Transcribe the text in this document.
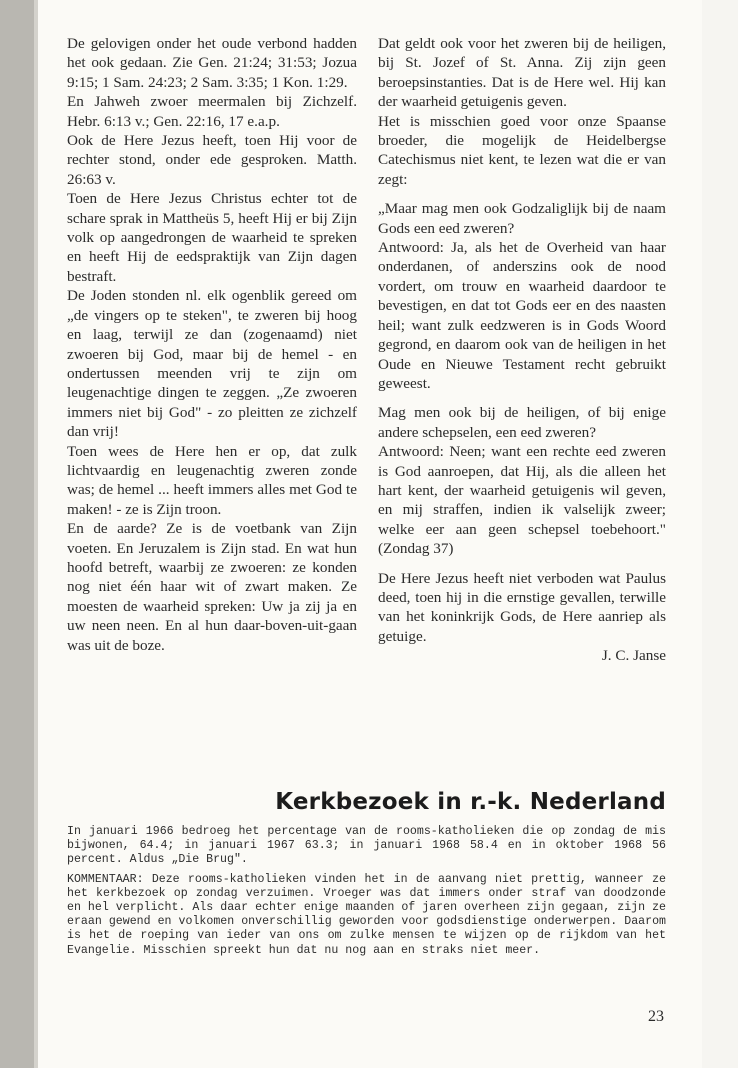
De gelovigen onder het oude verbond hadden het ook gedaan. Zie Gen. 21:24; 31:53; Jozua 9:15; 1 Sam. 24:23; 2 Sam. 3:35; 1 Kon. 1:29.

En Jahweh zwoer meermalen bij Zichzelf. Hebr. 6:13 v.; Gen. 22:16, 17 e.a.p.

Ook de Here Jezus heeft, toen Hij voor de rechter stond, onder ede gesproken. Matth. 26:63 v.

Toen de Here Jezus Christus echter tot de scharе sprak in Mattheüs 5, heeft Hij er bij Zijn volk op aangedrongen de waarheid te spreken en heeft Hij de eedspraktijk van Zijn dagen bestraft.

De Joden stonden nl. elk ogenblik gereed om „de vingers op te steken", te zweren bij hoog en laag, terwijl ze dan (zogenaamd) niet zwoeren bij God, maar bij de hemel - en ondertussen meenden vrij te zijn om leugenachtige dingen te zeggen. „Ze zwoeren immers niet bij God" - zo pleitten ze zichzelf dan vrij!

Toen wees de Here hen er op, dat zulk lichtvaardig en leugenachtig zweren zonde was; de hemel ... heeft immers alles met God te maken! - ze is Zijn troon.

En de aarde? Ze is de voetbank van Zijn voeten. En Jeruzalem is Zijn stad. En wat hun hoofd betreft, waarbij ze zwoeren: ze konden nog niet één haar wit of zwart maken. Ze moesten de waarheid spreken: Uw ja zij ja en uw neen neen. En al hun daar-boven-uit-gaan was uit de boze.

Dat geldt ook voor het zweren bij de heiligen, bij St. Jozef of St. Anna. Zij zijn geen beroepsinstanties. Dat is de Here wel. Hij kan der waarheid getuigenis geven.

Het is misschien goed voor onze Spaanse broeder, die mogelijk de Heidelbergse Catechismus niet kent, te lezen wat die er van zegt:

„Maar mag men ook Godzaliglijk bij de naam Gods een eed zweren?

Antwoord: Ja, als het de Overheid van haar onderdanen, of anderszins ook de nood vordert, om trouw en waarheid daardoor te bevestigen, en dat tot Gods eer en des naasten heil; want zulk eedzweren is in Gods Woord gegrond, en daarom ook van de heiligen in het Oude en Nieuwe Testament recht gebruikt geweest.

Mag men ook bij de heiligen, of bij enige andere schepselen, een eed zweren?

Antwoord: Neen; want een rechte eed zweren is God aanroepen, dat Hij, als die alleen het hart kent, der waarheid getuigenis wil geven, en mij straffen, indien ik valselijk zweer; welke eer aan geen schepsel toebehoort." (Zondag 37)

De Here Jezus heeft niet verboden wat Paulus deed, toen hij in die ernstige gevallen, terwille van het koninkrijk Gods, de Here aanriep als getuige.

J. C. Janse

Kerkbezoek in r.-k. Nederland

In januari 1966 bedroeg het percentage van de rooms-katholieken die op zondag de mis bijwonen, 64.4; in januari 1967 63.3; in januari 1968 58.4 en in oktober 1968 56 percent. Aldus „Die Brug".

KOMMENTAAR: Deze rooms-katholieken vinden het in de aanvang niet prettig, wanneer ze het kerkbezoek op zondag verzuimen. Vroeger was dat immers onder straf van doodzonde en hel verplicht. Als daar echter enige maanden of jaren overheen zijn gegaan, zijn ze eraan gewend en volkomen onverschillig geworden voor godsdienstige onderwerpen. Daarom is het de roeping van ieder van ons om zulke mensen te wijzen op de rijkdom van het Evangelie. Misschien spreekt hun dat nu nog aan en straks niet meer.

23
